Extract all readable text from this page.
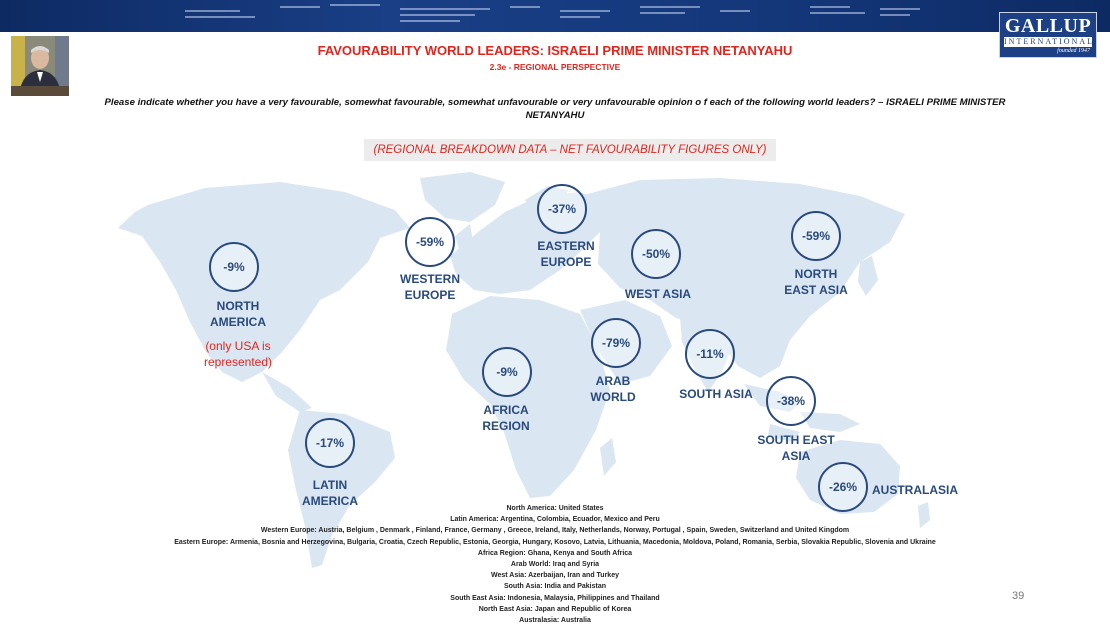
GALLUP
INTERNATIONAL
founded 1947
FAVOURABILITY WORLD LEADERS: ISRAELI PRIME MINISTER NETANYAHU
2.3e - REGIONAL PERSPECTIVE
Please indicate whether you have a very favourable, somewhat favourable, somewhat unfavourable or very unfavourable opinion o f each of the following world leaders? – ISRAELI PRIME MINISTER NETANYAHU
(REGIONAL BREAKDOWN DATA – NET FAVOURABILITY FIGURES ONLY)
-9%
NORTH
AMERICA
(only USA is represented)
-59%
WESTERN
EUROPE
-37%
EASTERN
EUROPE
-50%
WEST ASIA
-59%
NORTH
EAST ASIA
-79%
ARAB
WORLD
-11%
SOUTH ASIA
-9%
AFRICA
REGION
-38%
SOUTH EAST
ASIA
-17%
LATIN
AMERICA
-26%	AUSTRALASIA
North America: United States
Latin America: Argentina, Colombia, Ecuador, Mexico and Peru
Western Europe: Austria, Belgium , Denmark , Finland, France, Germany , Greece, Ireland, Italy, Netherlands, Norway, Portugal , Spain, Sweden, Switzerland and United Kingdom
Eastern Europe: Armenia, Bosnia and Herzegovina, Bulgaria, Croatia, Czech Republic, Estonia, Georgia, Hungary, Kosovo, Latvia, Lithuania, Macedonia, Moldova, Poland, Romania, Serbia, Slovakia Republic, Slovenia and Ukraine
Africa Region: Ghana, Kenya and South Africa
Arab World: Iraq and Syria
West Asia: Azerbaijan, Iran and Turkey
South Asia: India and Pakistan
South East Asia: Indonesia, Malaysia, Philippines and Thailand
North East Asia: Japan and Republic of Korea
Australasia: Australia
39
